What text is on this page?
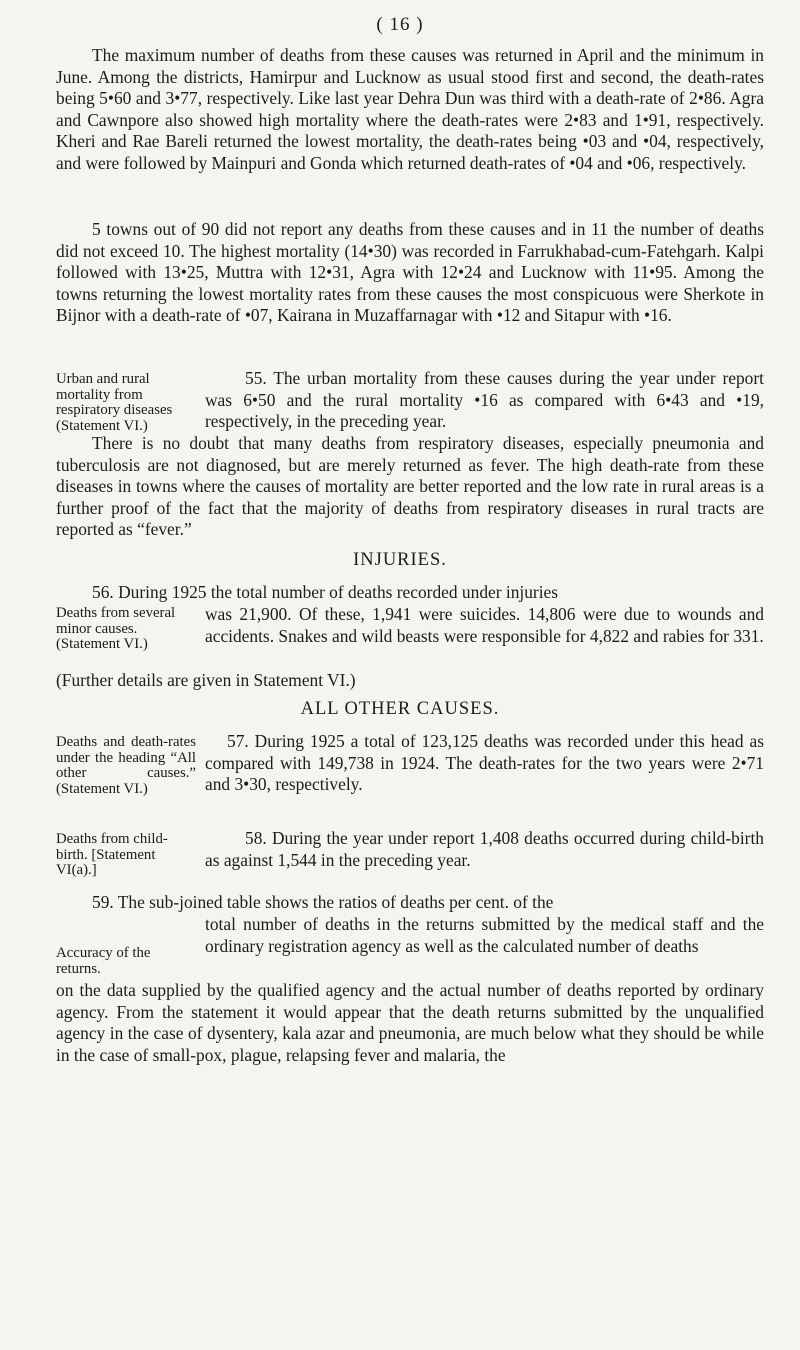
( 16 )

The maximum number of deaths from these causes was returned in April and the minimum in June. Among the districts, Hamirpur and Lucknow as usual stood first and second, the death-rates being 5•60 and 3•77, respectively. Like last year Dehra Dun was third with a death-rate of 2•86. Agra and Cawnpore also showed high mortality where the death-rates were 2•83 and 1•91, respectively. Kheri and Rae Bareli returned the lowest mortality, the death-rates being •03 and •04, respectively, and were followed by Mainpuri and Gonda which returned death-rates of •04 and •06, respectively.

5 towns out of 90 did not report any deaths from these causes and in 11 the number of deaths did not exceed 10. The highest mortality (14•30) was recorded in Farrukhabad-cum-Fatehgarh. Kalpi followed with 13•25, Muttra with 12•31, Agra with 12•24 and Lucknow with 11•95. Among the towns returning the lowest mortality rates from these causes the most conspicuous were Sherkote in Bijnor with a death-rate of •07, Kairana in Muzaffarnagar with •12 and Sitapur with •16.

Urban and rural mortality from respiratory diseases (Statement VI.)

55. The urban mortality from these causes during the year under report was 6•50 and the rural mortality •16 as compared with 6•43 and •19, respectively, in the preceding year.

There is no doubt that many deaths from respiratory diseases, especially pneumonia and tuberculosis are not diagnosed, but are merely returned as fever. The high death-rate from these diseases in towns where the causes of mortality are better reported and the low rate in rural areas is a further proof of the fact that the majority of deaths from respiratory diseases in rural tracts are reported as “fever.”

INJURIES.

56. During 1925 the total number of deaths recorded under injuries

Deaths from several minor causes. (Statement VI.)

was 21,900. Of these, 1,941 were suicides. 14,806 were due to wounds and accidents. Snakes and wild beasts were responsible for 4,822 and rabies for 331.

(Further details are given in Statement VI.)

ALL OTHER CAUSES.

Deaths and death-rates under the heading “All other causes.” (Statement VI.)

57. During 1925 a total of 123,125 deaths was recorded under this head as compared with 149,738 in 1924. The death-rates for the two years were 2•71 and 3•30, respectively.

Deaths from child-birth. [Statement VI(a).]

58. During the year under report 1,408 deaths occurred during child-birth as against 1,544 in the preceding year.

59. The sub-joined table shows the ratios of deaths per cent. of the

Accuracy of the returns.

total number of deaths in the returns submitted by the medical staff and the ordinary registration agency as well as the calculated number of deaths

on the data supplied by the qualified agency and the actual number of deaths reported by ordinary agency. From the statement it would appear that the death returns submitted by the unqualified agency in the case of dysentery, kala azar and pneumonia, are much below what they should be while in the case of small-pox, plague, relapsing fever and malaria, the
